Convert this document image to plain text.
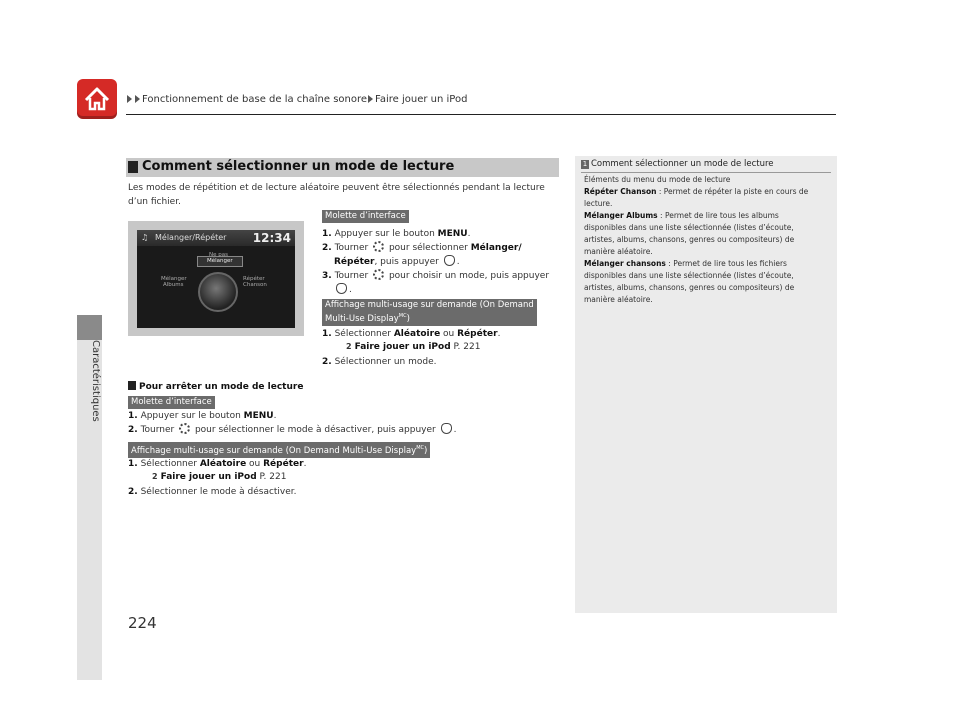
Fonctionnement de base de la chaîne sonore Faire jouer un iPod
Caractéristiques
224
Comment sélectionner un mode de lecture
Les modes de répétition et de lecture aléatoire peuvent être sélectionnés pendant la lecture
d’un fichier.
♫ Mélanger/Répéter 12:34
Ne pas
Mélanger
Mélanger
Albums
Répéter
Chanson
Molette d’interface
1. Appuyer sur le bouton MENU.
2. Tourner  pour sélectionner Mélanger/
Répéter, puis appuyer .
3. Tourner  pour choisir un mode, puis appuyer
.
Affichage multi-usage sur demande (On Demand
Multi-Use Display$^{MC}$)
1. Sélectionner Aléatoire ou Répéter.
2 Faire jouer un iPod P. 221
2. Sélectionner un mode.
Pour arrêter un mode de lecture
Molette d’interface
1. Appuyer sur le bouton MENU.
2. Tourner  pour sélectionner le mode à désactiver, puis appuyer .
Affichage multi-usage sur demande (On Demand Multi-Use Display$^{MC}$)
1. Sélectionner Aléatoire ou Répéter.
2 Faire jouer un iPod P. 221
2. Sélectionner le mode à désactiver.
1 Comment sélectionner un mode de lecture
Éléments du menu du mode de lecture
Répéter Chanson : Permet de répéter la piste en cours de
lecture.
Mélanger Albums : Permet de lire tous les albums
disponibles dans une liste sélectionnée (listes d’écoute,
artistes, albums, chansons, genres ou compositeurs) de
manière aléatoire.
Mélanger chansons : Permet de lire tous les fichiers
disponibles dans une liste sélectionnée (listes d’écoute,
artistes, albums, chansons, genres ou compositeurs) de
manière aléatoire.
